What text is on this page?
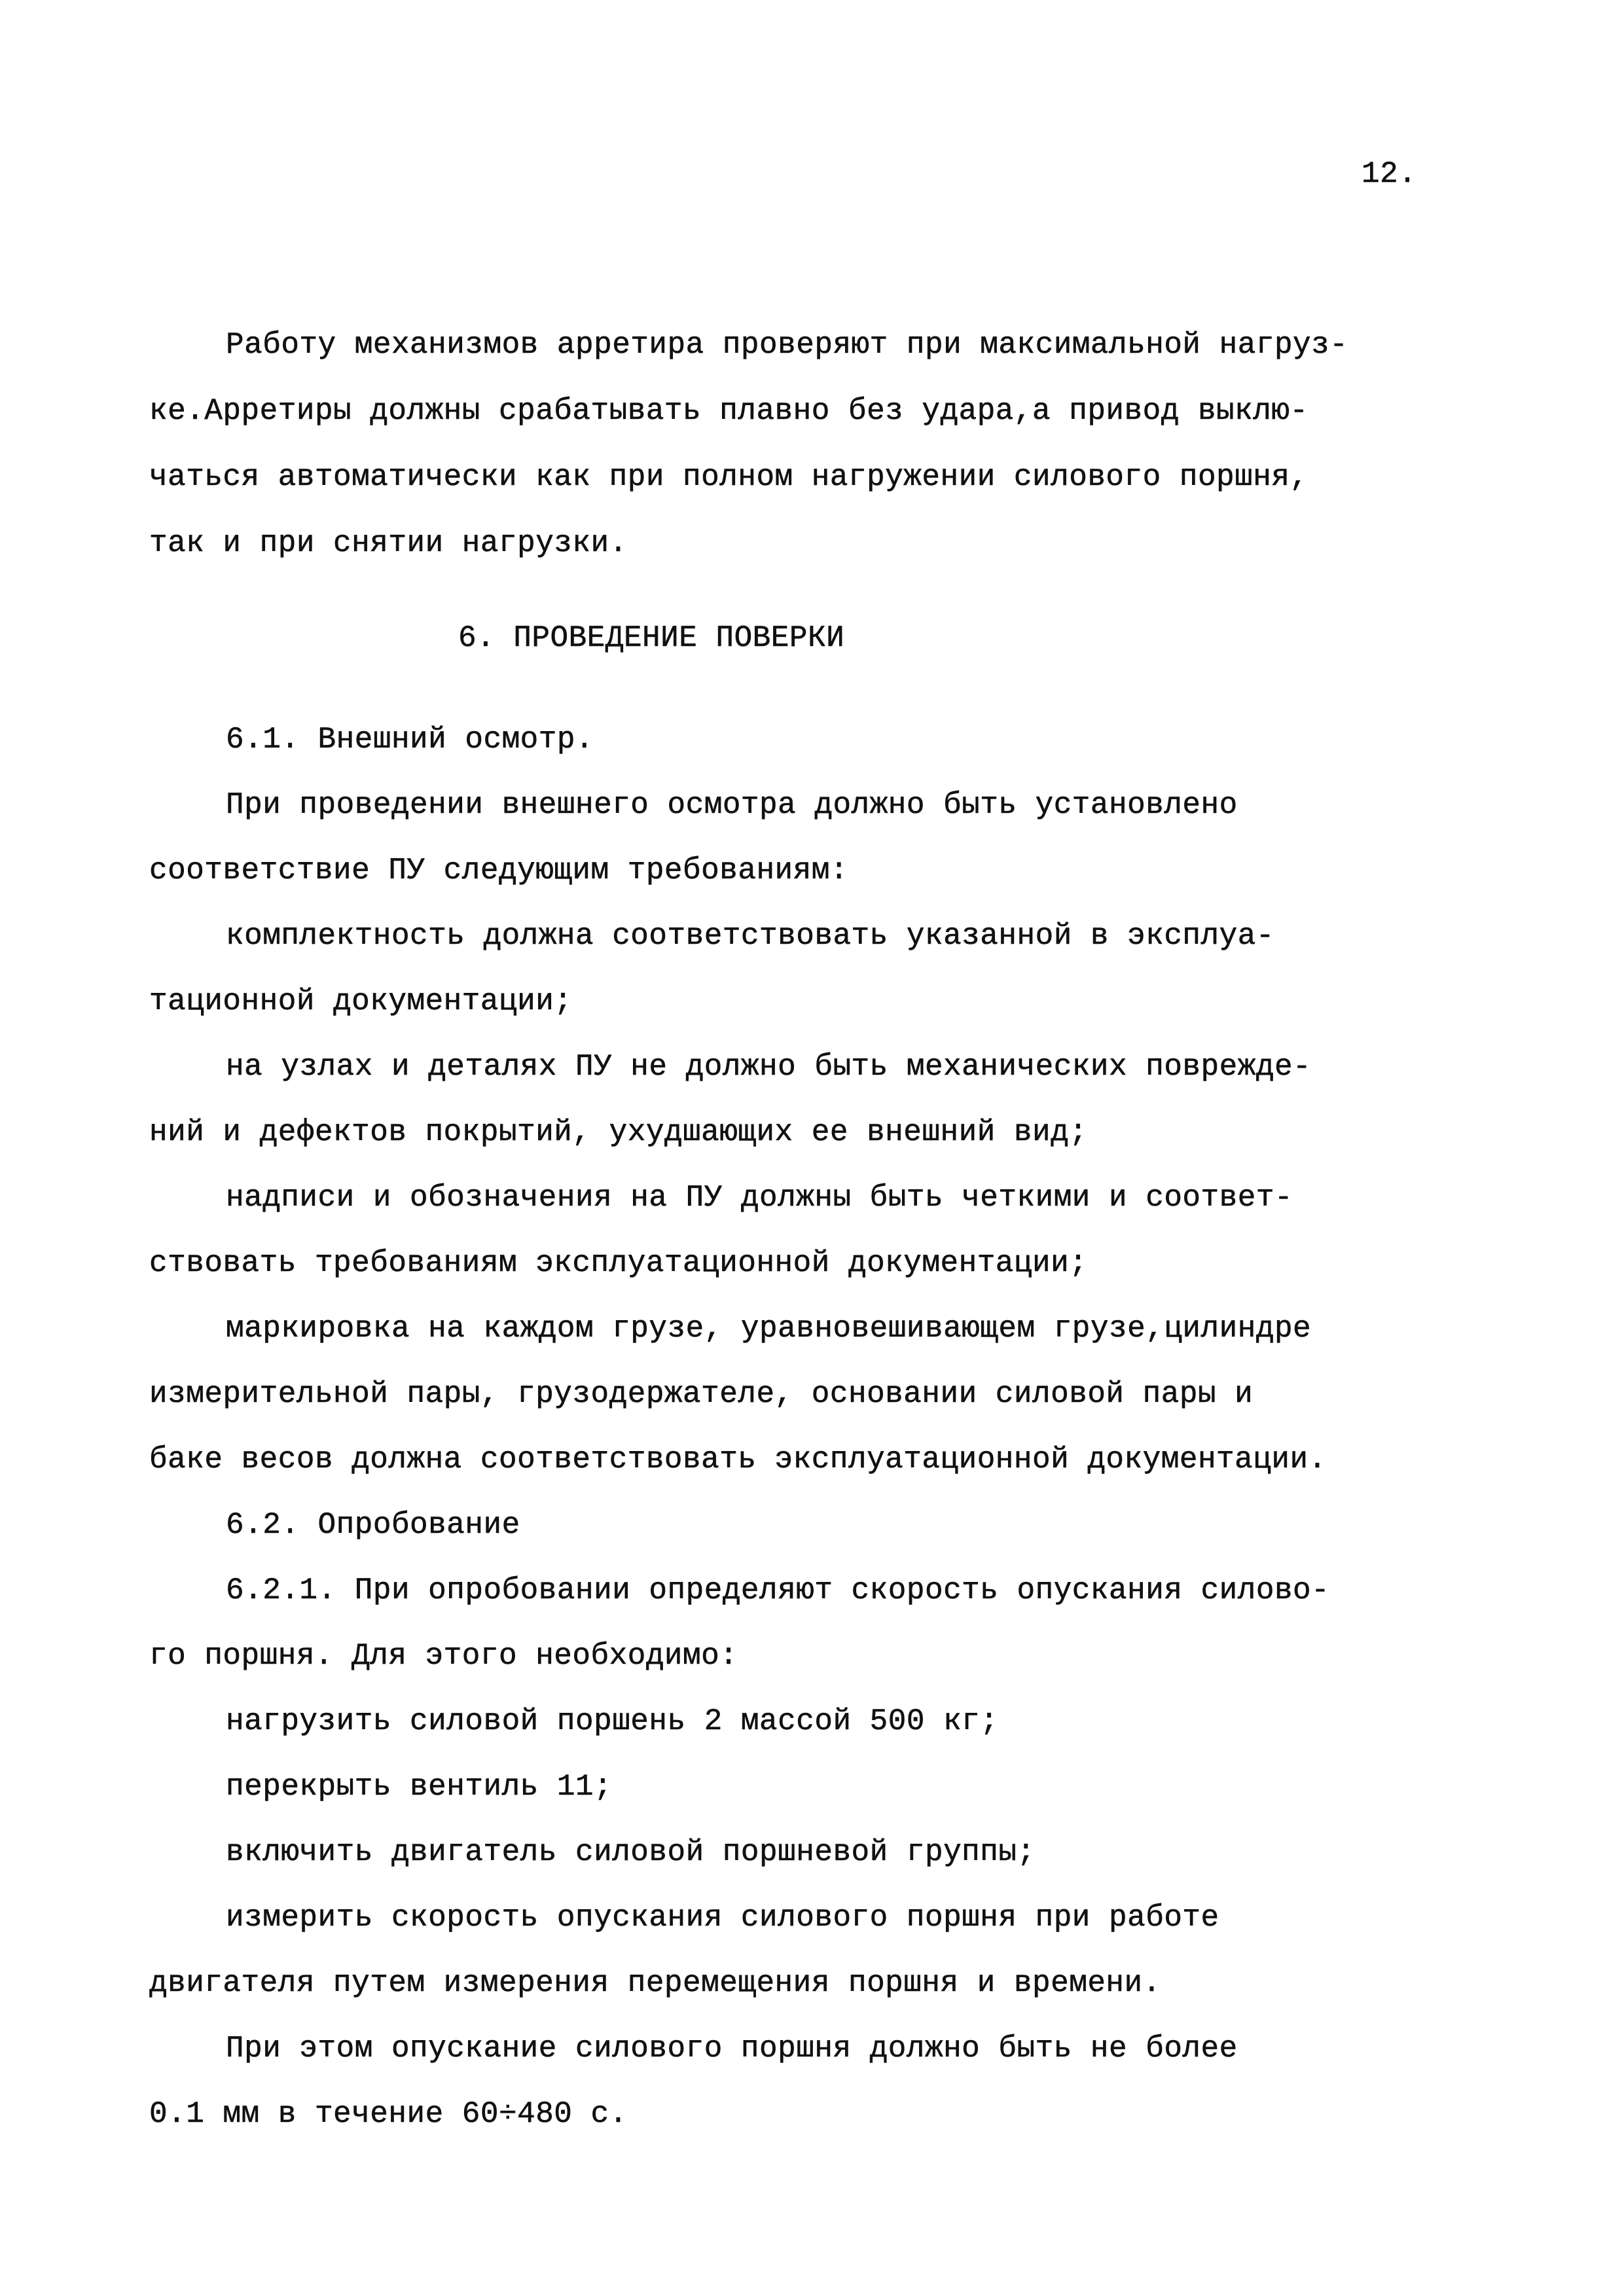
12.
Работу механизмов арретира проверяют при максимальной нагруз-
ке.Арретиры должны срабатывать плавно без удара,а привод выклю-
чаться автоматически как при полном нагружении силового поршня,
так и при снятии нагрузки.
6. ПРОВЕДЕНИЕ ПОВЕРКИ
6.1. Внешний осмотр.
При проведении внешнего осмотра должно быть установлено
соответствие ПУ следующим требованиям:
комплектность должна соответствовать указанной в эксплуа-
тационной документации;
на узлах и деталях ПУ не должно быть механических поврежде-
ний и дефектов покрытий, ухудшающих ее внешний вид;
надписи и обозначения на ПУ должны быть четкими и соответ-
ствовать требованиям эксплуатационной документации;
маркировка на каждом грузе, уравновешивающем грузе,цилиндре
измерительной пары, грузодержателе, основании силовой пары и
баке весов должна соответствовать эксплуатационной документации.
6.2. Опробование
6.2.1. При опробовании определяют скорость опускания силово-
го поршня. Для этого необходимо:
нагрузить силовой поршень 2 массой 500 кг;
перекрыть вентиль 11;
включить двигатель силовой поршневой группы;
измерить скорость опускания силового поршня при работе
двигателя путем измерения перемещения поршня и времени.
При этом опускание силового поршня должно быть не более
0.1 мм в течение 60÷480 с.
